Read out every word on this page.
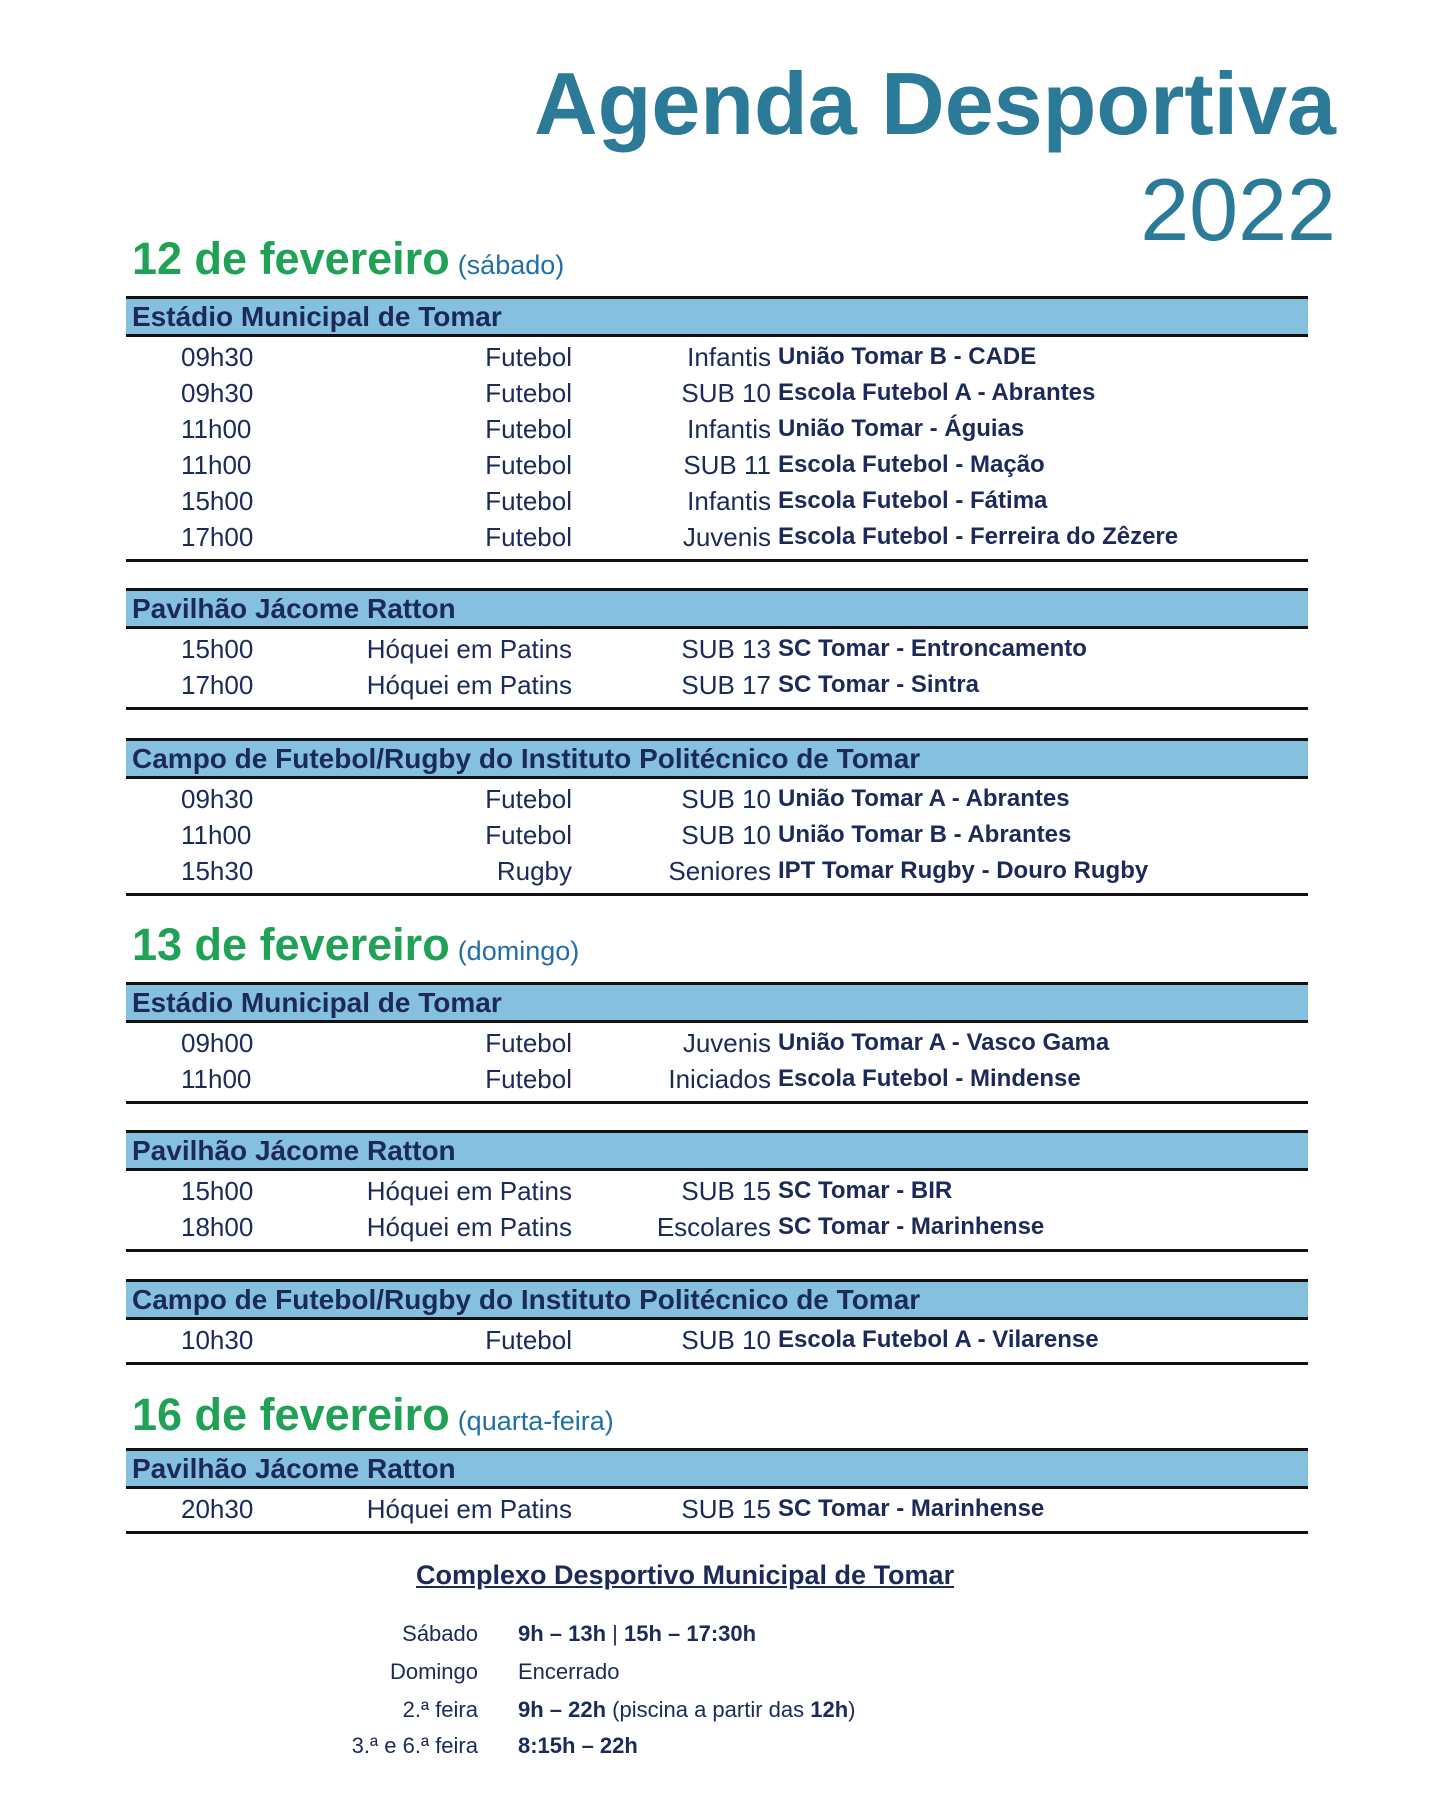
Agenda Desportiva
2022
12 de fevereiro (sábado)
Estádio Municipal de Tomar
09h30	Futebol	Infantis União Tomar B - CADE
09h30	Futebol	SUB 10 Escola Futebol A - Abrantes
11h00	Futebol	Infantis União Tomar - Águias
11h00	Futebol	SUB 11 Escola Futebol - Mação
15h00	Futebol	Infantis Escola Futebol - Fátima
17h00	Futebol	Juvenis Escola Futebol - Ferreira do Zêzere
Pavilhão Jácome Ratton
15h00	Hóquei em Patins	SUB 13 SC Tomar - Entroncamento
17h00	Hóquei em Patins	SUB 17 SC Tomar - Sintra
Campo de Futebol/Rugby do Instituto Politécnico de Tomar
09h30	Futebol	SUB 10 União Tomar A - Abrantes
11h00	Futebol	SUB 10 União Tomar B - Abrantes
15h30	Rugby	Seniores IPT Tomar Rugby - Douro Rugby
13 de fevereiro (domingo)
Estádio Municipal de Tomar
09h00	Futebol	Juvenis União Tomar A - Vasco Gama
11h00	Futebol	Iniciados Escola Futebol - Mindense
Pavilhão Jácome Ratton
15h00	Hóquei em Patins	SUB 15 SC Tomar - BIR
18h00	Hóquei em Patins	Escolares SC Tomar - Marinhense
Campo de Futebol/Rugby do Instituto Politécnico de Tomar
10h30	Futebol	SUB 10 Escola Futebol A - Vilarense
16 de fevereiro (quarta-feira)
Pavilhão Jácome Ratton
20h30	Hóquei em Patins	SUB 15 SC Tomar - Marinhense
Complexo Desportivo Municipal de Tomar
Sábado 9h – 13h | 15h – 17:30h
Domingo Encerrado
2.ª feira 9h – 22h (piscina a partir das 12h)
3.ª e 6.ª feira 8:15h – 22h
